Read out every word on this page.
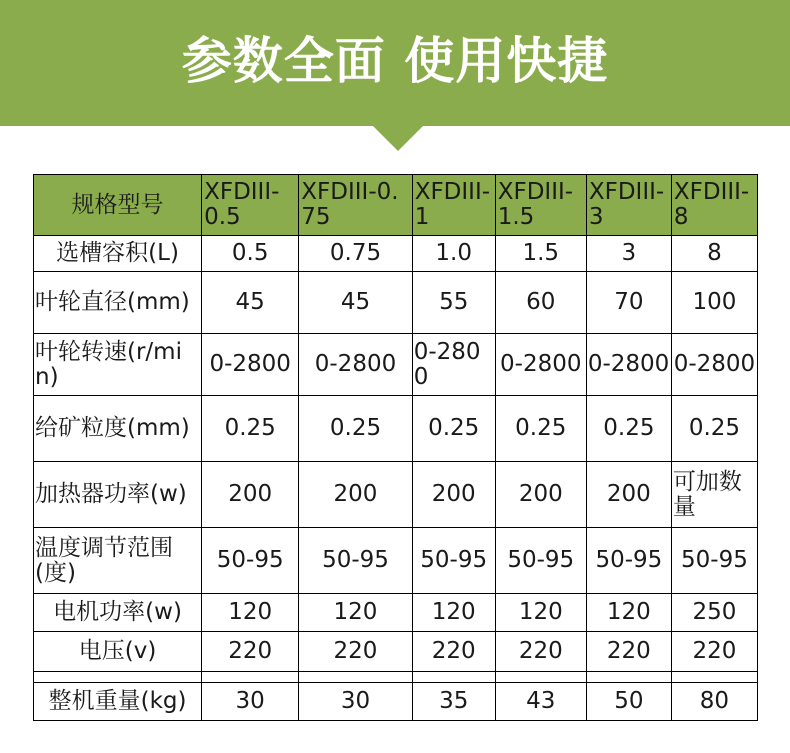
参数全面 使用快捷
规格型号	XFDIII-0.5	XFDIII-0.75	XFDIII-1	XFDIII-1.5	XFDIII-3	XFDIII-8
选槽容积(L)	0.5	0.75	1.0	1.5	3	8
叶轮直径(mm)	45	45	55	60	70	100
叶轮转速(r/min)	0-2800	0-2800	0-2800	0-2800	0-2800	0-2800
给矿粒度(mm)	0.25	0.25	0.25	0.25	0.25	0.25
加热器功率(w)	200	200	200	200	200	可加数量
温度调节范围(度)	50-95	50-95	50-95	50-95	50-95	50-95
电机功率(w)	120	120	120	120	120	250
电压(v)	220	220	220	220	220	220

整机重量(kg)	30	30	35	43	50	80
